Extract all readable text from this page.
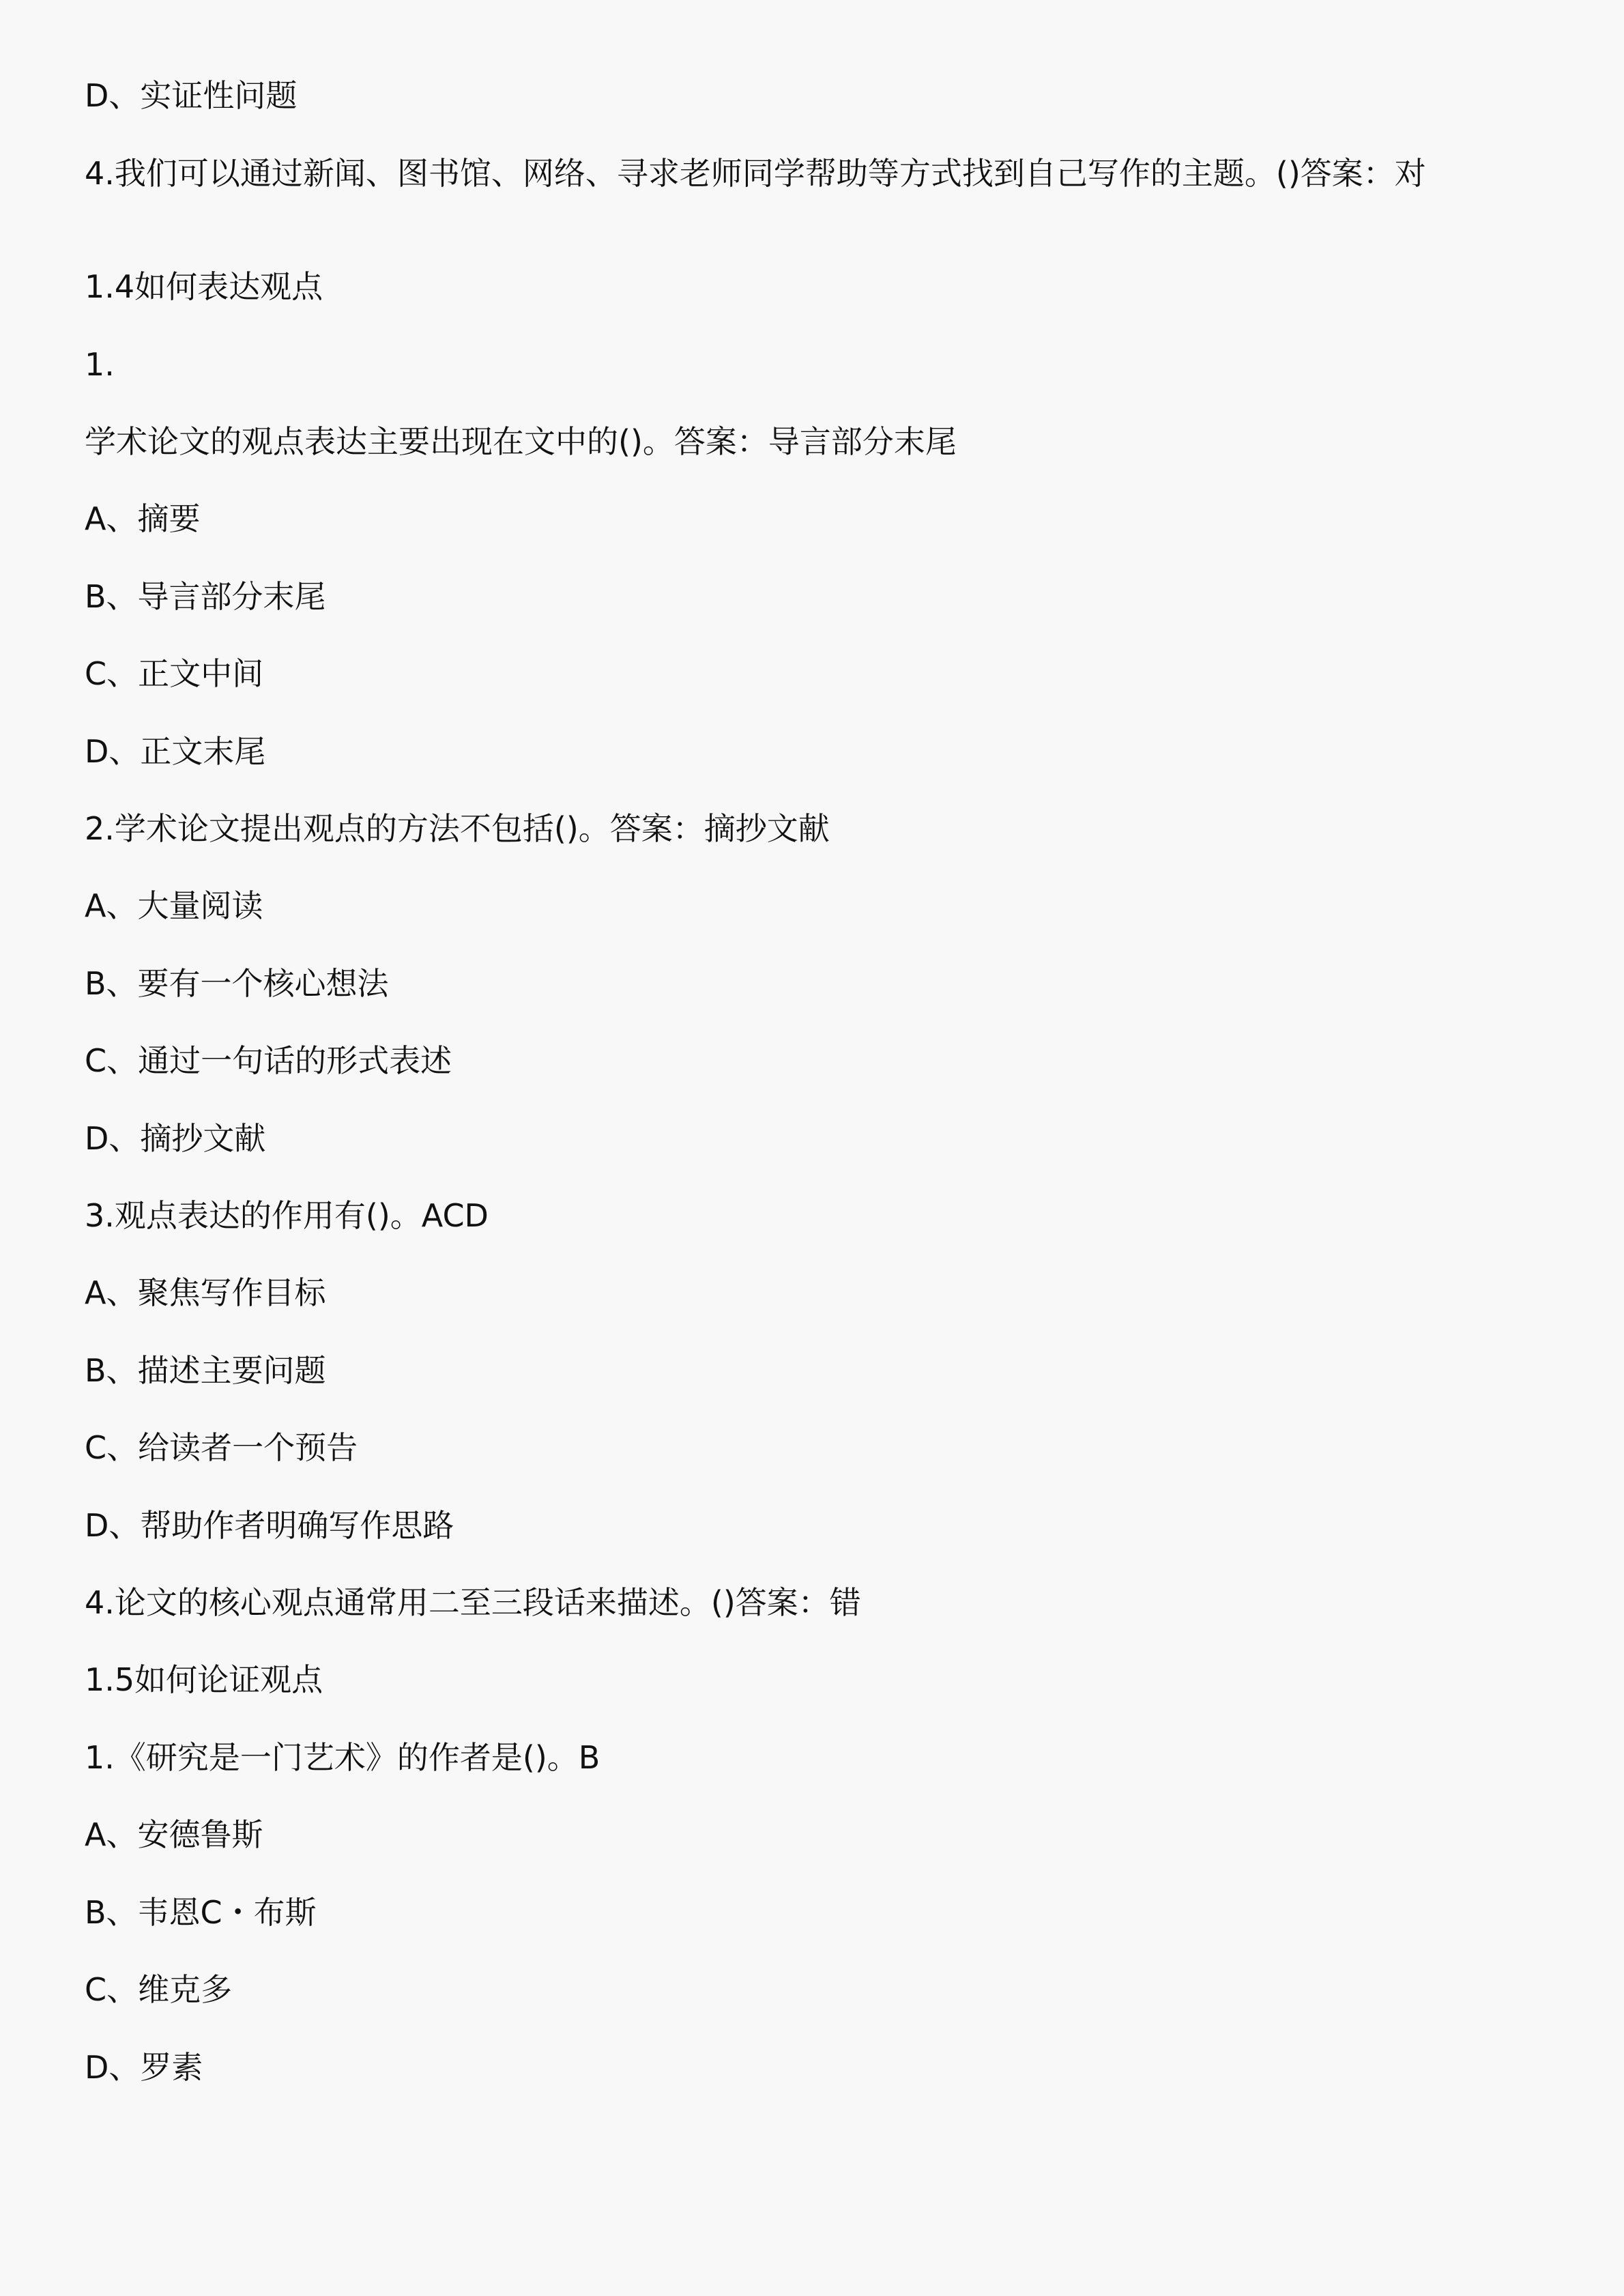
D、实证性问题
4.我们可以通过新闻、图书馆、网络、寻求老师同学帮助等方式找到自己写作的主题。()答案：对
1.4如何表达观点
1.
学术论文的观点表达主要出现在文中的()。答案：导言部分末尾
A、摘要
B、导言部分末尾
C、正文中间
D、正文末尾
2.学术论文提出观点的方法不包括()。答案：摘抄文献
A、大量阅读
B、要有一个核心想法
C、通过一句话的形式表述
D、摘抄文献
3.观点表达的作用有()。ACD
A、聚焦写作目标
B、描述主要问题
C、给读者一个预告
D、帮助作者明确写作思路
4.论文的核心观点通常用二至三段话来描述。()答案：错
1.5如何论证观点
1.《研究是一门艺术》的作者是()。B
A、安德鲁斯
B、韦恩C・布斯
C、维克多
D、罗素
